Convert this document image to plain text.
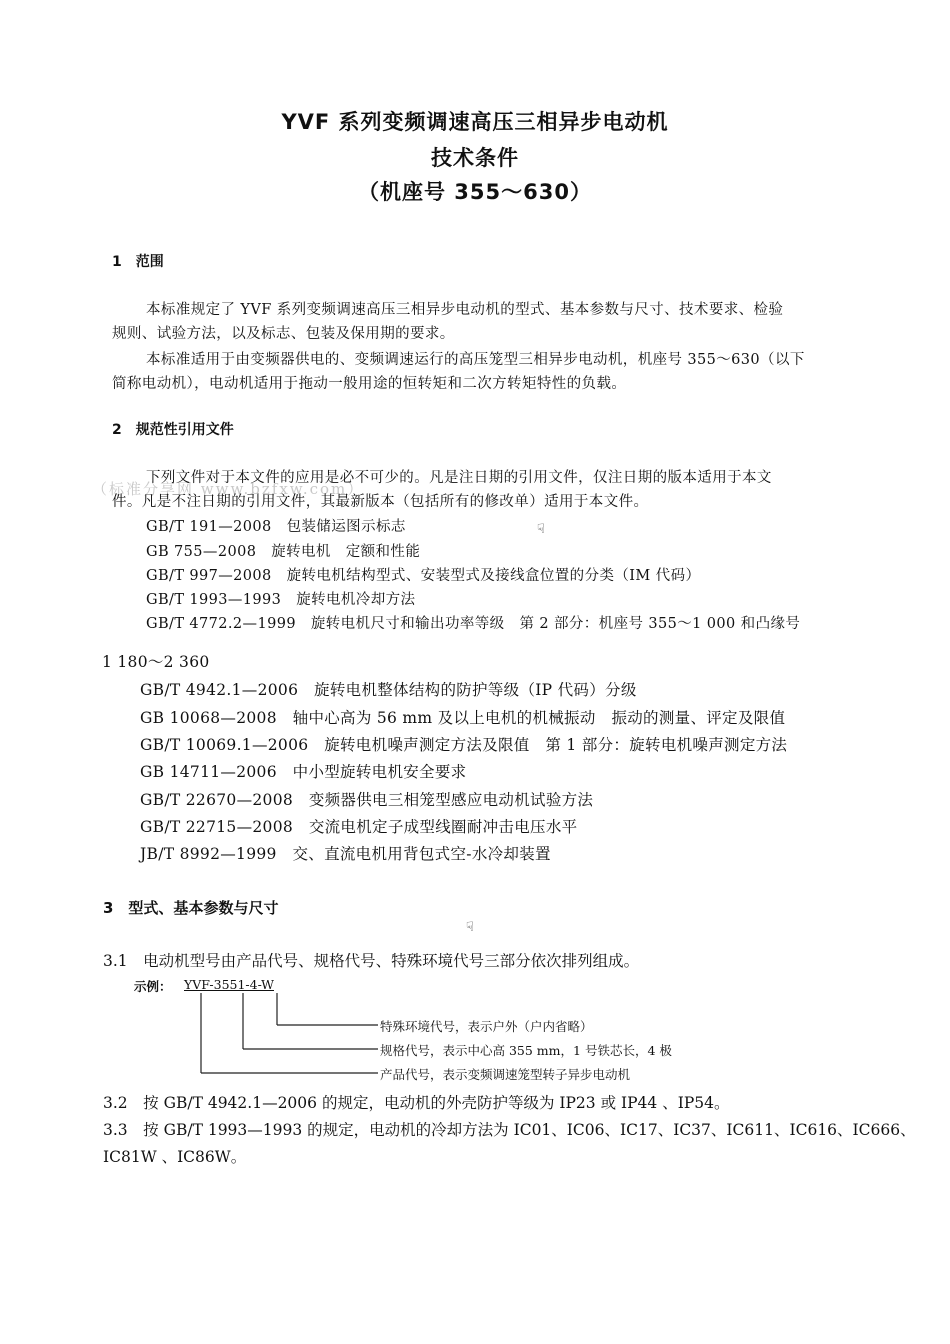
YVF 系列变频调速高压三相异步电动机
技术条件
（机座号 355～630）
1　范围
本标准规定了 YVF 系列变频调速高压三相异步电动机的型式、基本参数与尺寸、技术要求、检验
规则、试验方法，以及标志、包装及保用期的要求。
本标准适用于由变频器供电的、变频调速运行的高压笼型三相异步电动机，机座号 355～630（以下
简称电动机），电动机适用于拖动一般用途的恒转矩和二次方转矩特性的负载。
2　规范性引用文件
（标准分享网 www.bzfxw.com）
下列文件对于本文件的应用是必不可少的。凡是注日期的引用文件，仅注日期的版本适用于本文
件。凡是不注日期的引用文件，其最新版本（包括所有的修改单）适用于本文件。
GB/T 191—2008　包装储运图示标志	☟
GB 755—2008　旋转电机　定额和性能
GB/T 997—2008　旋转电机结构型式、安装型式及接线盒位置的分类（IM 代码）
GB/T 1993—1993　旋转电机冷却方法
GB/T 4772.2—1999　旋转电机尺寸和输出功率等级　第 2 部分：机座号 355～1 000 和凸缘号
1 180～2 360
GB/T 4942.1—2006　旋转电机整体结构的防护等级（IP 代码）分级
GB 10068—2008　轴中心高为 56 mm 及以上电机的机械振动　振动的测量、评定及限值
GB/T 10069.1—2006　旋转电机噪声测定方法及限值　第 1 部分：旋转电机噪声测定方法
GB 14711—2006　中小型旋转电机安全要求
GB/T 22670—2008　变频器供电三相笼型感应电动机试验方法
GB/T 22715—2008　交流电机定子成型线圈耐冲击电压水平
JB/T 8992—1999　交、直流电机用背包式空-水冷却装置
3　型式、基本参数与尺寸
☟
3.1　电动机型号由产品代号、规格代号、特殊环境代号三部分依次排列组成。
示例： YVF-3551-4-W
特殊环境代号，表示户外（户内省略）
规格代号，表示中心高 355 mm，1 号铁芯长，4 极
产品代号，表示变频调速笼型转子异步电动机
3.2　按 GB/T 4942.1—2006 的规定，电动机的外壳防护等级为 IP23 或 IP44 、IP54。
3.3　按 GB/T 1993—1993 的规定，电动机的冷却方法为 IC01、IC06、IC17、IC37、IC611、IC616、IC666、
IC81W 、IC86W。
